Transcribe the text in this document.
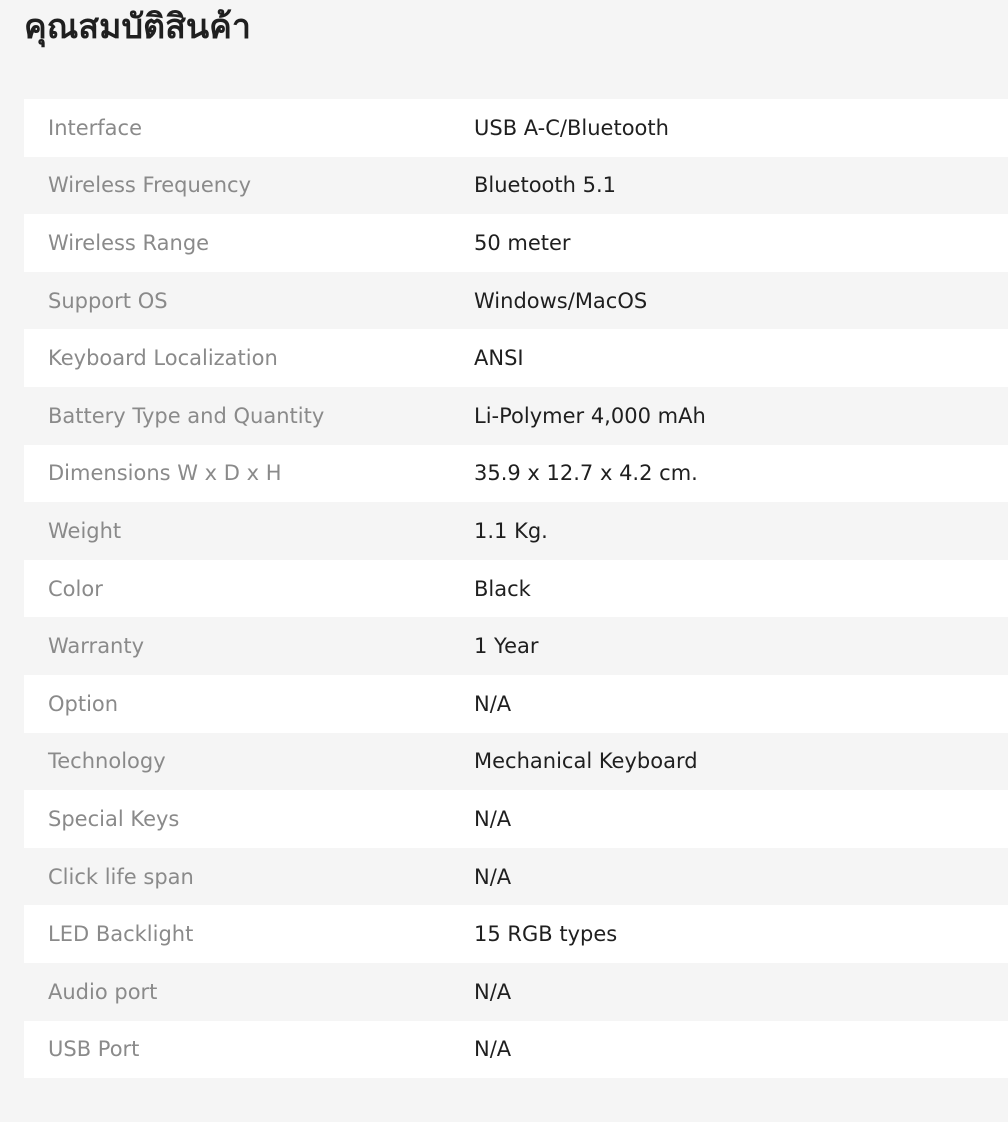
คุณสมบัติสินค้า
Interface	USB A-C/Bluetooth
Wireless Frequency	Bluetooth 5.1
Wireless Range	50 meter
Support OS	Windows/MacOS
Keyboard Localization	ANSI
Battery Type and Quantity	Li-Polymer 4,000 mAh
Dimensions W x D x H	35.9 x 12.7 x 4.2 cm.
Weight	1.1 Kg.
Color	Black
Warranty	1 Year
Option	N/A
Technology	Mechanical Keyboard
Special Keys	N/A
Click life span	N/A
LED Backlight	15 RGB types
Audio port	N/A
USB Port	N/A
